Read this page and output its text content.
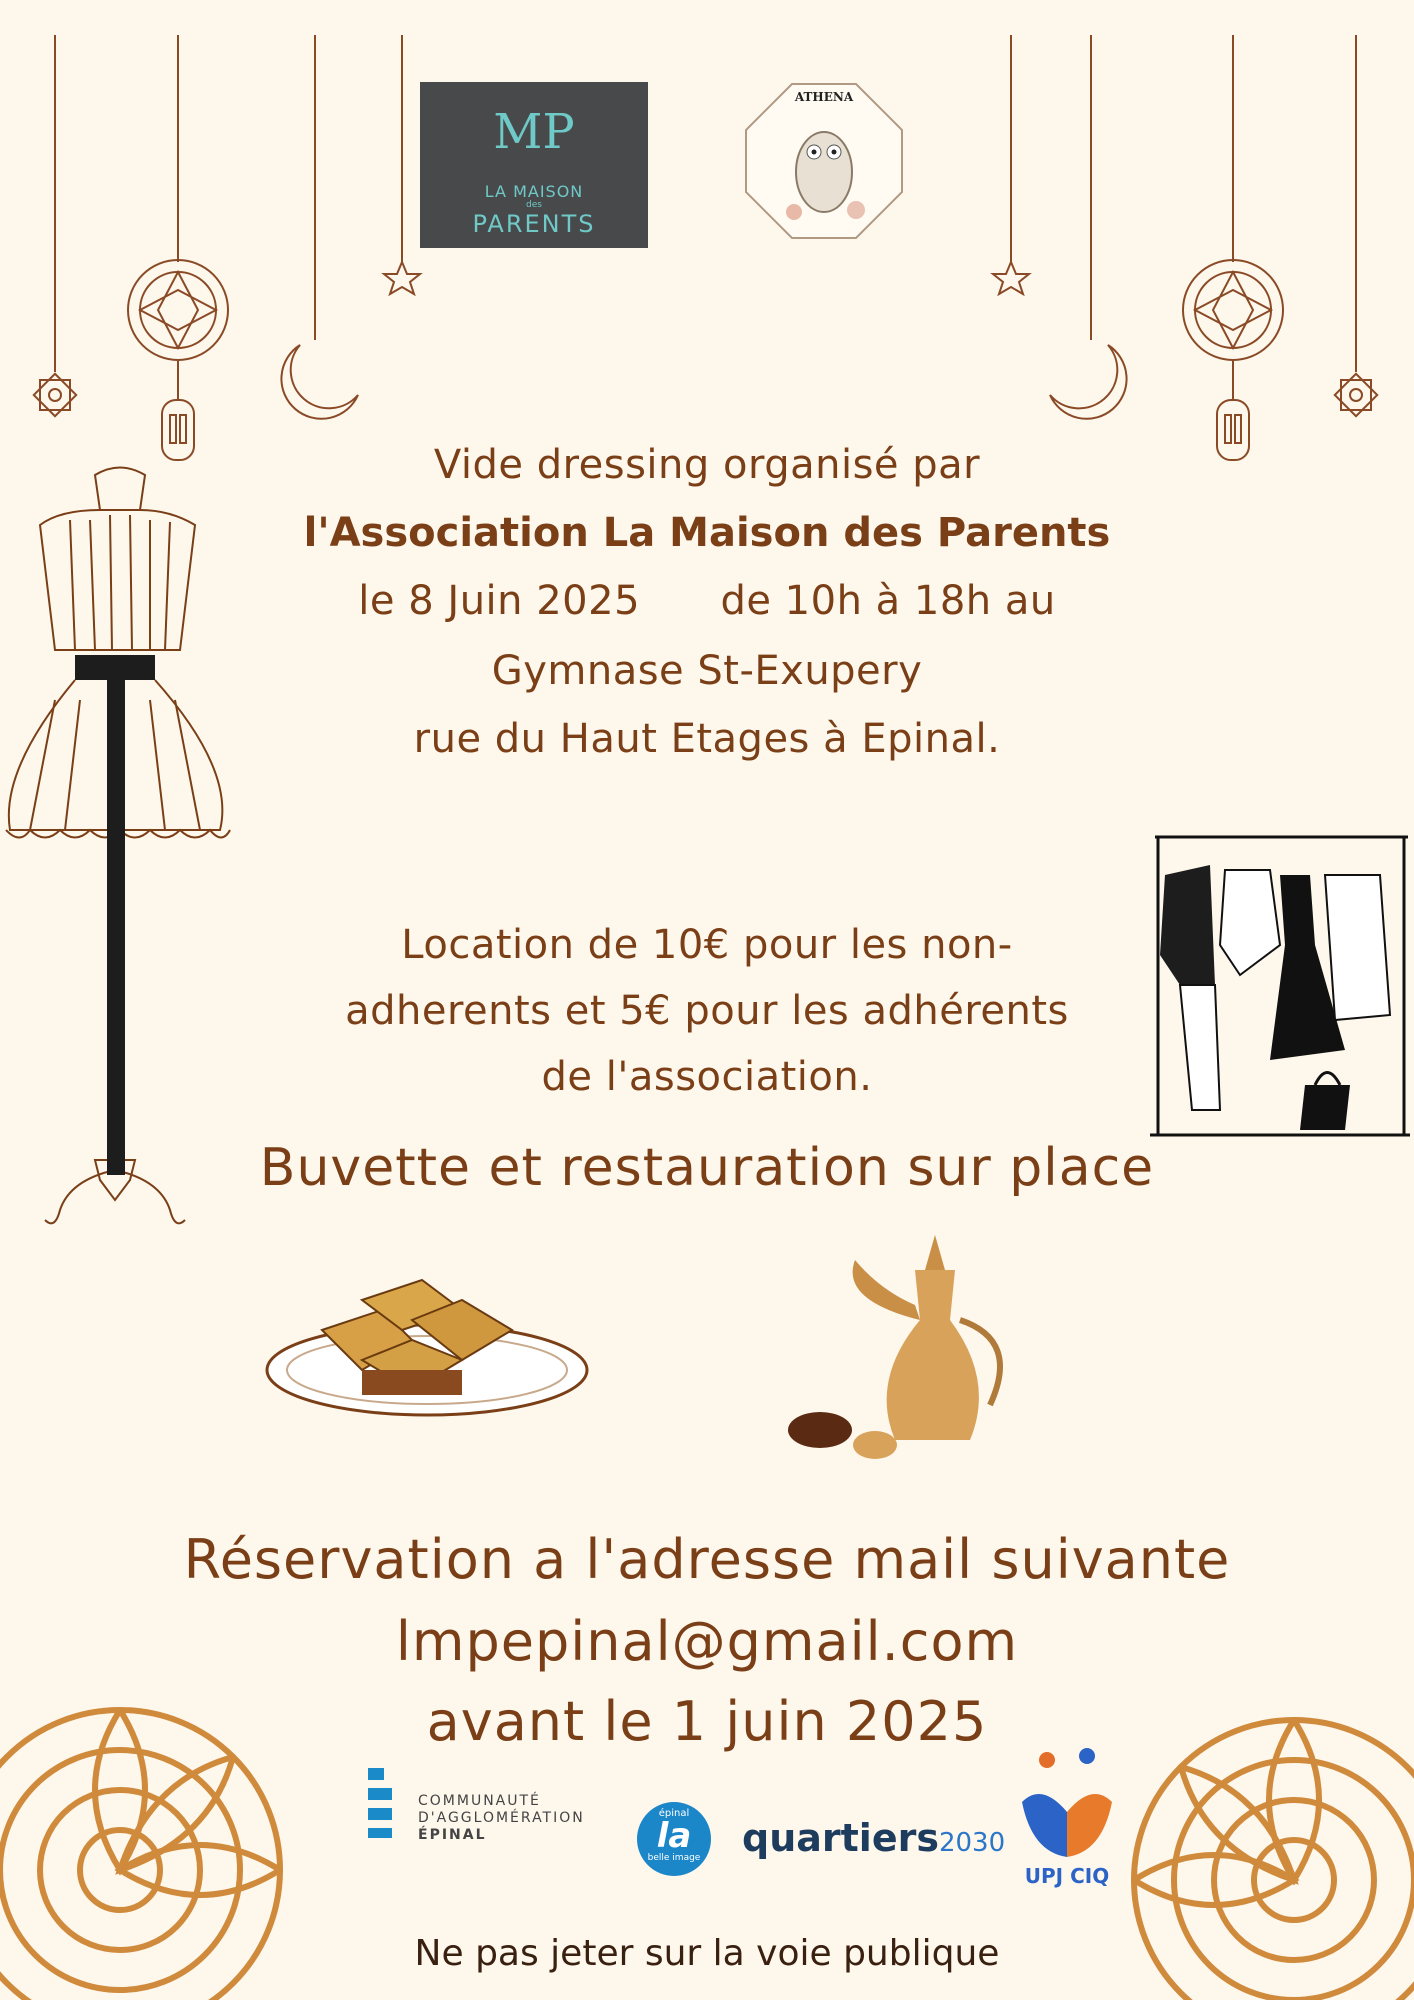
MP
LA MAISON
des
PARENTS
ATHENA
Vide dressing organisé par
l'Association La Maison des Parents
le 8 Juin 2025 de 10h à 18h au
Gymnase St-Exupery
rue du Haut Etages à Epinal.
Location de 10€ pour les non-
adherents et 5€ pour les adhérents
de l'association.
Buvette et restauration sur place
Réservation a l'adresse mail suivante
lmpepinal@gmail.com
avant le 1 juin 2025
COMMUNAUTÉ
D'AGGLOMÉRATION
ÉPINAL
épinal
la
belle image quartiers2030
UPJ CIQ
Ne pas jeter sur la voie publique
